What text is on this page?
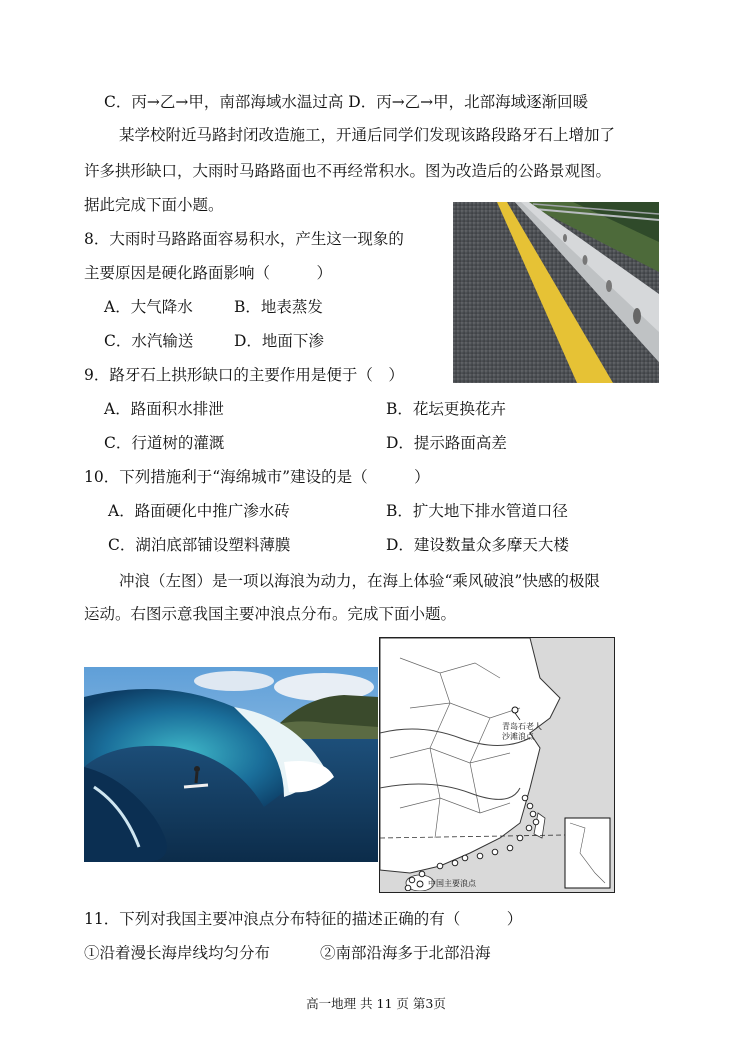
C．丙→乙→甲，南部海域水温过高 D．丙→乙→甲，北部海域逐渐回暖
某学校附近马路封闭改造施工，开通后同学们发现该路段路牙石上增加了
许多拱形缺口，大雨时马路路面也不再经常积水。图为改造后的公路景观图。
据此完成下面小题。
8．大雨时马路路面容易积水，产生这一现象的
主要原因是硬化路面影响（　　　）
A．大气降水	B．地表蒸发
C．水汽输送	D．地面下渗
9．路牙石上拱形缺口的主要作用是便于（　）
A．路面积水排泄	B．花坛更换花卉
C．行道树的灌溉	D．提示路面高差
10．下列措施利于“海绵城市”建设的是（　　　）
A．路面硬化中推广渗水砖	B．扩大地下排水管道口径
C．湖泊底部铺设塑料薄膜	D．建设数量众多摩天大楼
冲浪（左图）是一项以海浪为动力，在海上体验“乘风破浪”快感的极限
运动。右图示意我国主要冲浪点分布。完成下面小题。
11．下列对我国主要冲浪点分布特征的描述正确的有（　　　）
①沿着漫长海岸线均匀分布	②南部沿海多于北部沿海
青岛石老人
沙滩浪点
中国主要浪点
高一地理 共 11 页 第3页
